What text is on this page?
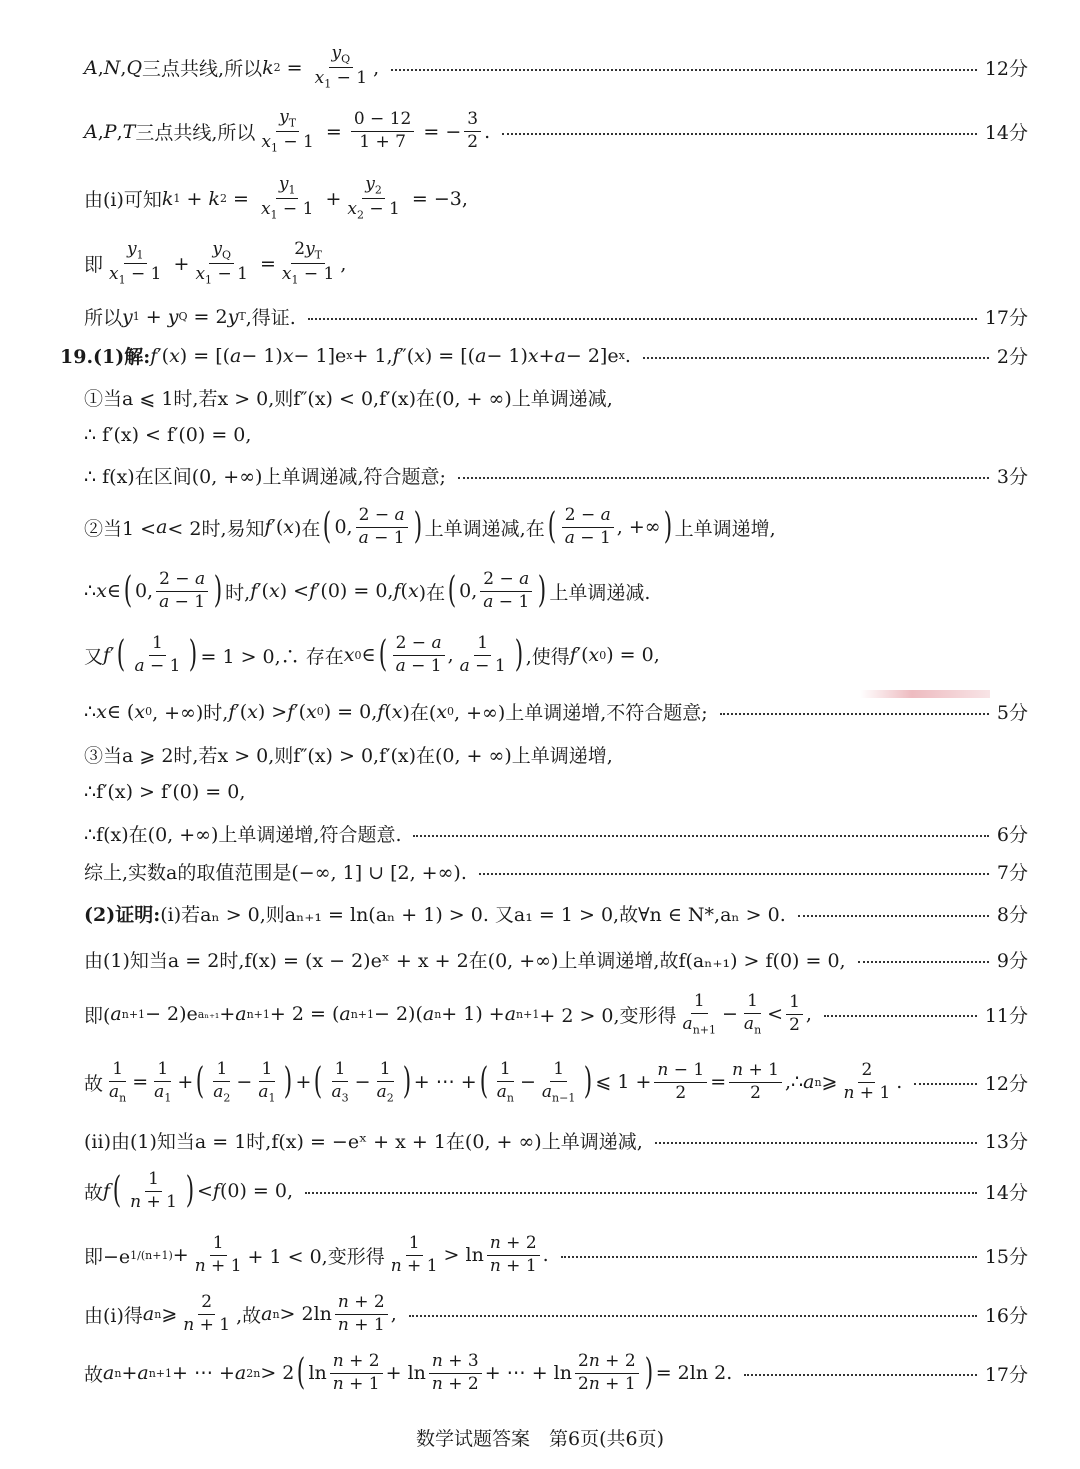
A , N , Q 三点共线,所以 k $2 = \frac{y_Q}{x_1 - 1}$ ,	12分
A , P , T 三点共线,所以 $\frac{y_T}{x_1 - 1} = \frac{0 - 12}{1 + 7}$ = − $\frac{3}{2}$ .	14分
由(i)可知 k 1 + k $2 = \frac{y_1}{x_1 - 1} + \frac{y_2}{x_2 - 1} = -3$,
即 $\frac{y_1}{x_1 - 1} + \frac{y_Q}{x_1 - 1} = \frac{2y_T}{x_1 - 1}$ ,
所以 y 1 + y Q = 2 y T ,得证.	17分
19.(1)解: f ′( x ) = [( a − 1) x − 1]e x + 1, f ″( x ) = [( a − 1) x + a − 2]e x .	2分
①当a ⩽ 1时,若x > 0,则f″(x) < 0,f′(x)在(0, + ∞)上单调递减,
∴ f′(x) < f′(0) = 0,
∴ f(x)在区间(0, +∞)上单调递减,符合题意;	3分
②当1 < a < 2时,易知 f ′( x )在 ( 0, $\frac{2 - a}{a - 1}$ ) 上单调递减,在 ( $\frac{2 - a}{a - 1}$ , +∞ ) 上单调递增,
∴ x ∈ ( 0, $\frac{2 - a}{a - 1}$ ) 时, f ′( x ) < f ′(0) = 0, f ( x )在 ( 0, $\frac{2 - a}{a - 1}$ ) 上单调递减.
又 f ′ ( $\frac{1}{a - 1}$ ) = 1 > 0,∴ 存在 x 0 ∈ ( $\frac{2 - a}{a - 1}$ , $\frac{1}{a - 1}$ ) ,使得 f ′( x 0 ) = 0,
∴ x ∈ ( x 0 , +∞)时, f ′( x ) > f ′( x 0 ) = 0, f ( x )在( x 0 , +∞)上单调递增,不符合题意;	5分
③当a ⩾ 2时,若x > 0,则f″(x) > 0,f′(x)在(0, + ∞)上单调递增,
∴f′(x) > f′(0) = 0,
∴f(x)在(0, +∞)上单调递增,符合题意.	6分
综上,实数a的取值范围是(−∞, 1] ∪ [2, +∞).	7分
(2)证明: (i)若aₙ > 0,则aₙ₊₁ = ln(aₙ + 1) > 0. 又a₁ = 1 > 0,故∀n ∈ N*,aₙ > 0.	8分
由(1)知当a = 2时,f(x) = (x − 2)eˣ + x + 2在(0, +∞)上单调递增,故f(aₙ₊₁) > f(0) = 0,	9分
即( a n+1 − 2)e aₙ₊₁ + a n+1 + 2 = ( a n+1 − 2)( a n + 1) + a n+1 + 2 > 0,变形得 $\frac{1}{a_{n+1}} - \frac{1}{a_n} < \frac{1}{2}$ ,	11分
故 $\frac{1}{a_n} = \frac{1}{a_1}$ + ( $\frac{1}{a_2} - \frac{1}{a_1}$ ) + ( $\frac{1}{a_3} - \frac{1}{a_2}$ ) + ⋯ + ( $\frac{1}{a_n} - \frac{1}{a_{n-1}}$ ) ⩽ $1 + \frac{n - 1}{2} = \frac{n + 1}{2}$ ,∴ a n ⩾ $\frac{2}{n + 1}$ .	12分
(ii)由(1)知当a = 1时,f(x) = −eˣ + x + 1在(0, + ∞)上单调递减,	13分
故 f ( $\frac{1}{n + 1}$ ) < f (0) = 0,	14分
即−e $1/(n+1) + \frac{1}{n + 1} + 1 < 0$,变形得 $\frac{1}{n + 1} > \ln \frac{n + 2}{n + 1}$ .	15分
由(i)得 a n ⩾ $\frac{2}{n + 1}$ ,故 a $n > 2\ln \frac{n + 2}{n + 1}$ ,	16分
故 a n + a n+1 + ⋯ + a 2n > 2 ( $\ln \frac{n + 2}{n + 1} + \ln \frac{n + 3}{n + 2}$ + ⋯ + $\ln \frac{2n + 2}{2n + 1}$ ) = 2ln 2.	17分
数学试题答案　第6页(共6页)
